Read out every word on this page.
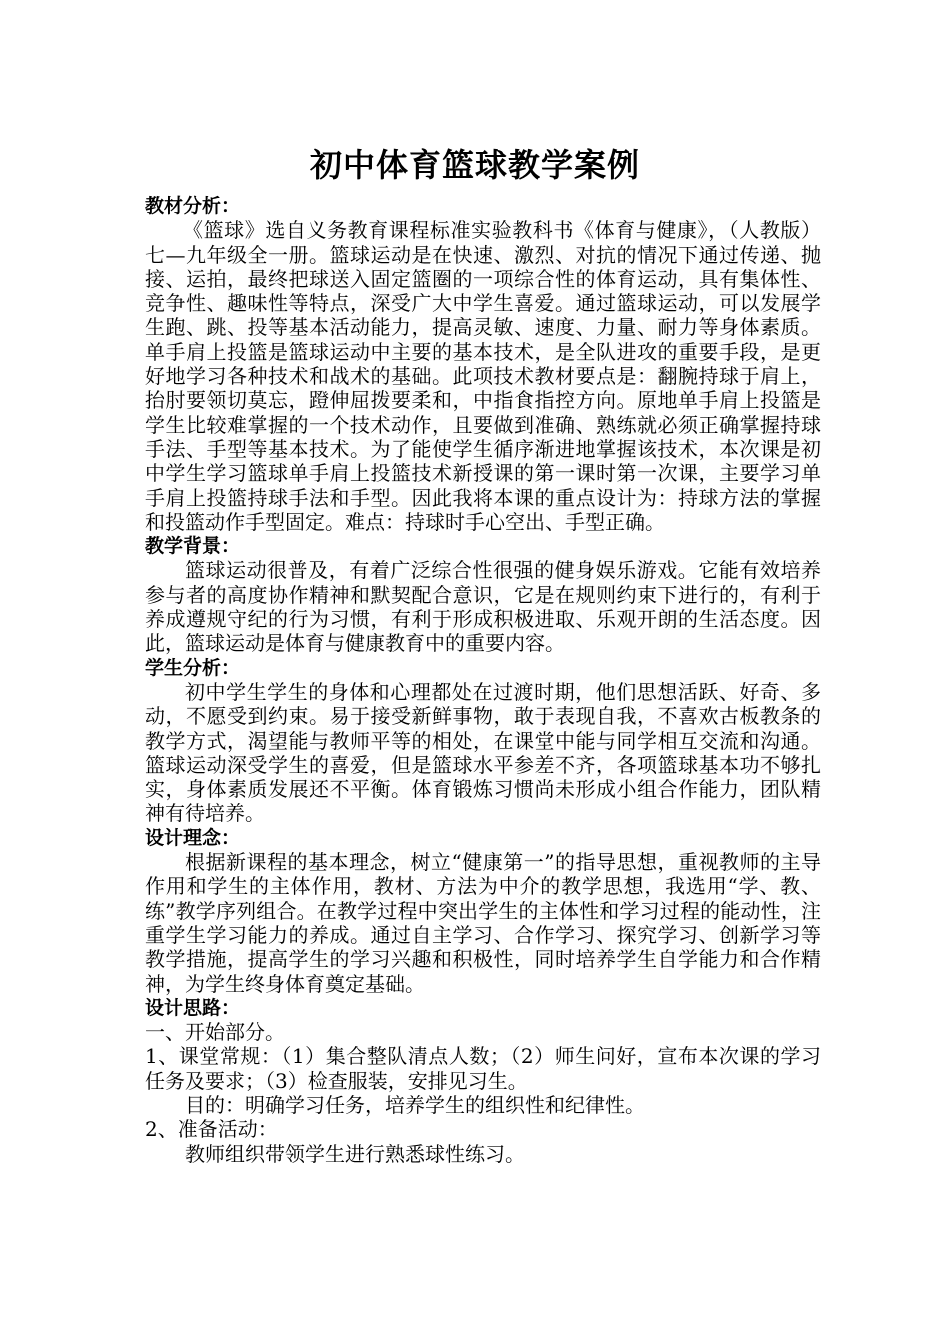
初中体育篮球教学案例

教材分析：

《篮球》选自义务教育课程标准实验教科书《体育与健康》，（人教版）七—九年级全一册。篮球运动是在快速、激烈、对抗的情况下通过传递、抛接、运拍，最终把球送入固定篮圈的一项综合性的体育运动，具有集体性、竞争性、趣味性等特点，深受广大中学生喜爱。通过篮球运动，可以发展学生跑、跳、投等基本活动能力，提高灵敏、速度、力量、耐力等身体素质。单手肩上投篮是篮球运动中主要的基本技术，是全队进攻的重要手段，是更好地学习各种技术和战术的基础。此项技术教材要点是：翻腕持球于肩上，抬肘要领切莫忘，蹬伸屈拨要柔和，中指食指控方向。原地单手肩上投篮是学生比较难掌握的一个技术动作，且要做到准确、熟练就必须正确掌握持球手法、手型等基本技术。为了能使学生循序渐进地掌握该技术，本次课是初中学生学习篮球单手肩上投篮技术新授课的第一课时第一次课，主要学习单手肩上投篮持球手法和手型。因此我将本课的重点设计为：持球方法的掌握和投篮动作手型固定。难点：持球时手心空出、手型正确。

教学背景：

篮球运动很普及，有着广泛综合性很强的健身娱乐游戏。它能有效培养参与者的高度协作精神和默契配合意识，它是在规则约束下进行的，有利于养成遵规守纪的行为习惯，有利于形成积极进取、乐观开朗的生活态度。因此，篮球运动是体育与健康教育中的重要内容。

学生分析：

初中学生学生的身体和心理都处在过渡时期，他们思想活跃、好奇、多动，不愿受到约束。易于接受新鲜事物，敢于表现自我，不喜欢古板教条的教学方式，渴望能与教师平等的相处，在课堂中能与同学相互交流和沟通。篮球运动深受学生的喜爱，但是篮球水平参差不齐，各项篮球基本功不够扎实，身体素质发展还不平衡。体育锻炼习惯尚未形成小组合作能力，团队精神有待培养。

设计理念：

根据新课程的基本理念，树立“健康第一”的指导思想，重视教师的主导作用和学生的主体作用，教材、方法为中介的教学思想，我选用“学、教、练”教学序列组合。在教学过程中突出学生的主体性和学习过程的能动性，注重学生学习能力的养成。通过自主学习、合作学习、探究学习、创新学习等教学措施，提高学生的学习兴趣和积极性，同时培养学生自学能力和合作精神，为学生终身体育奠定基础。

设计思路：

一、开始部分。

1、课堂常规：（1）集合整队清点人数；（2）师生问好，宣布本次课的学习任务及要求；（3）检查服装，安排见习生。

目的：明确学习任务，培养学生的组织性和纪律性。

2、准备活动：

教师组织带领学生进行熟悉球性练习。
